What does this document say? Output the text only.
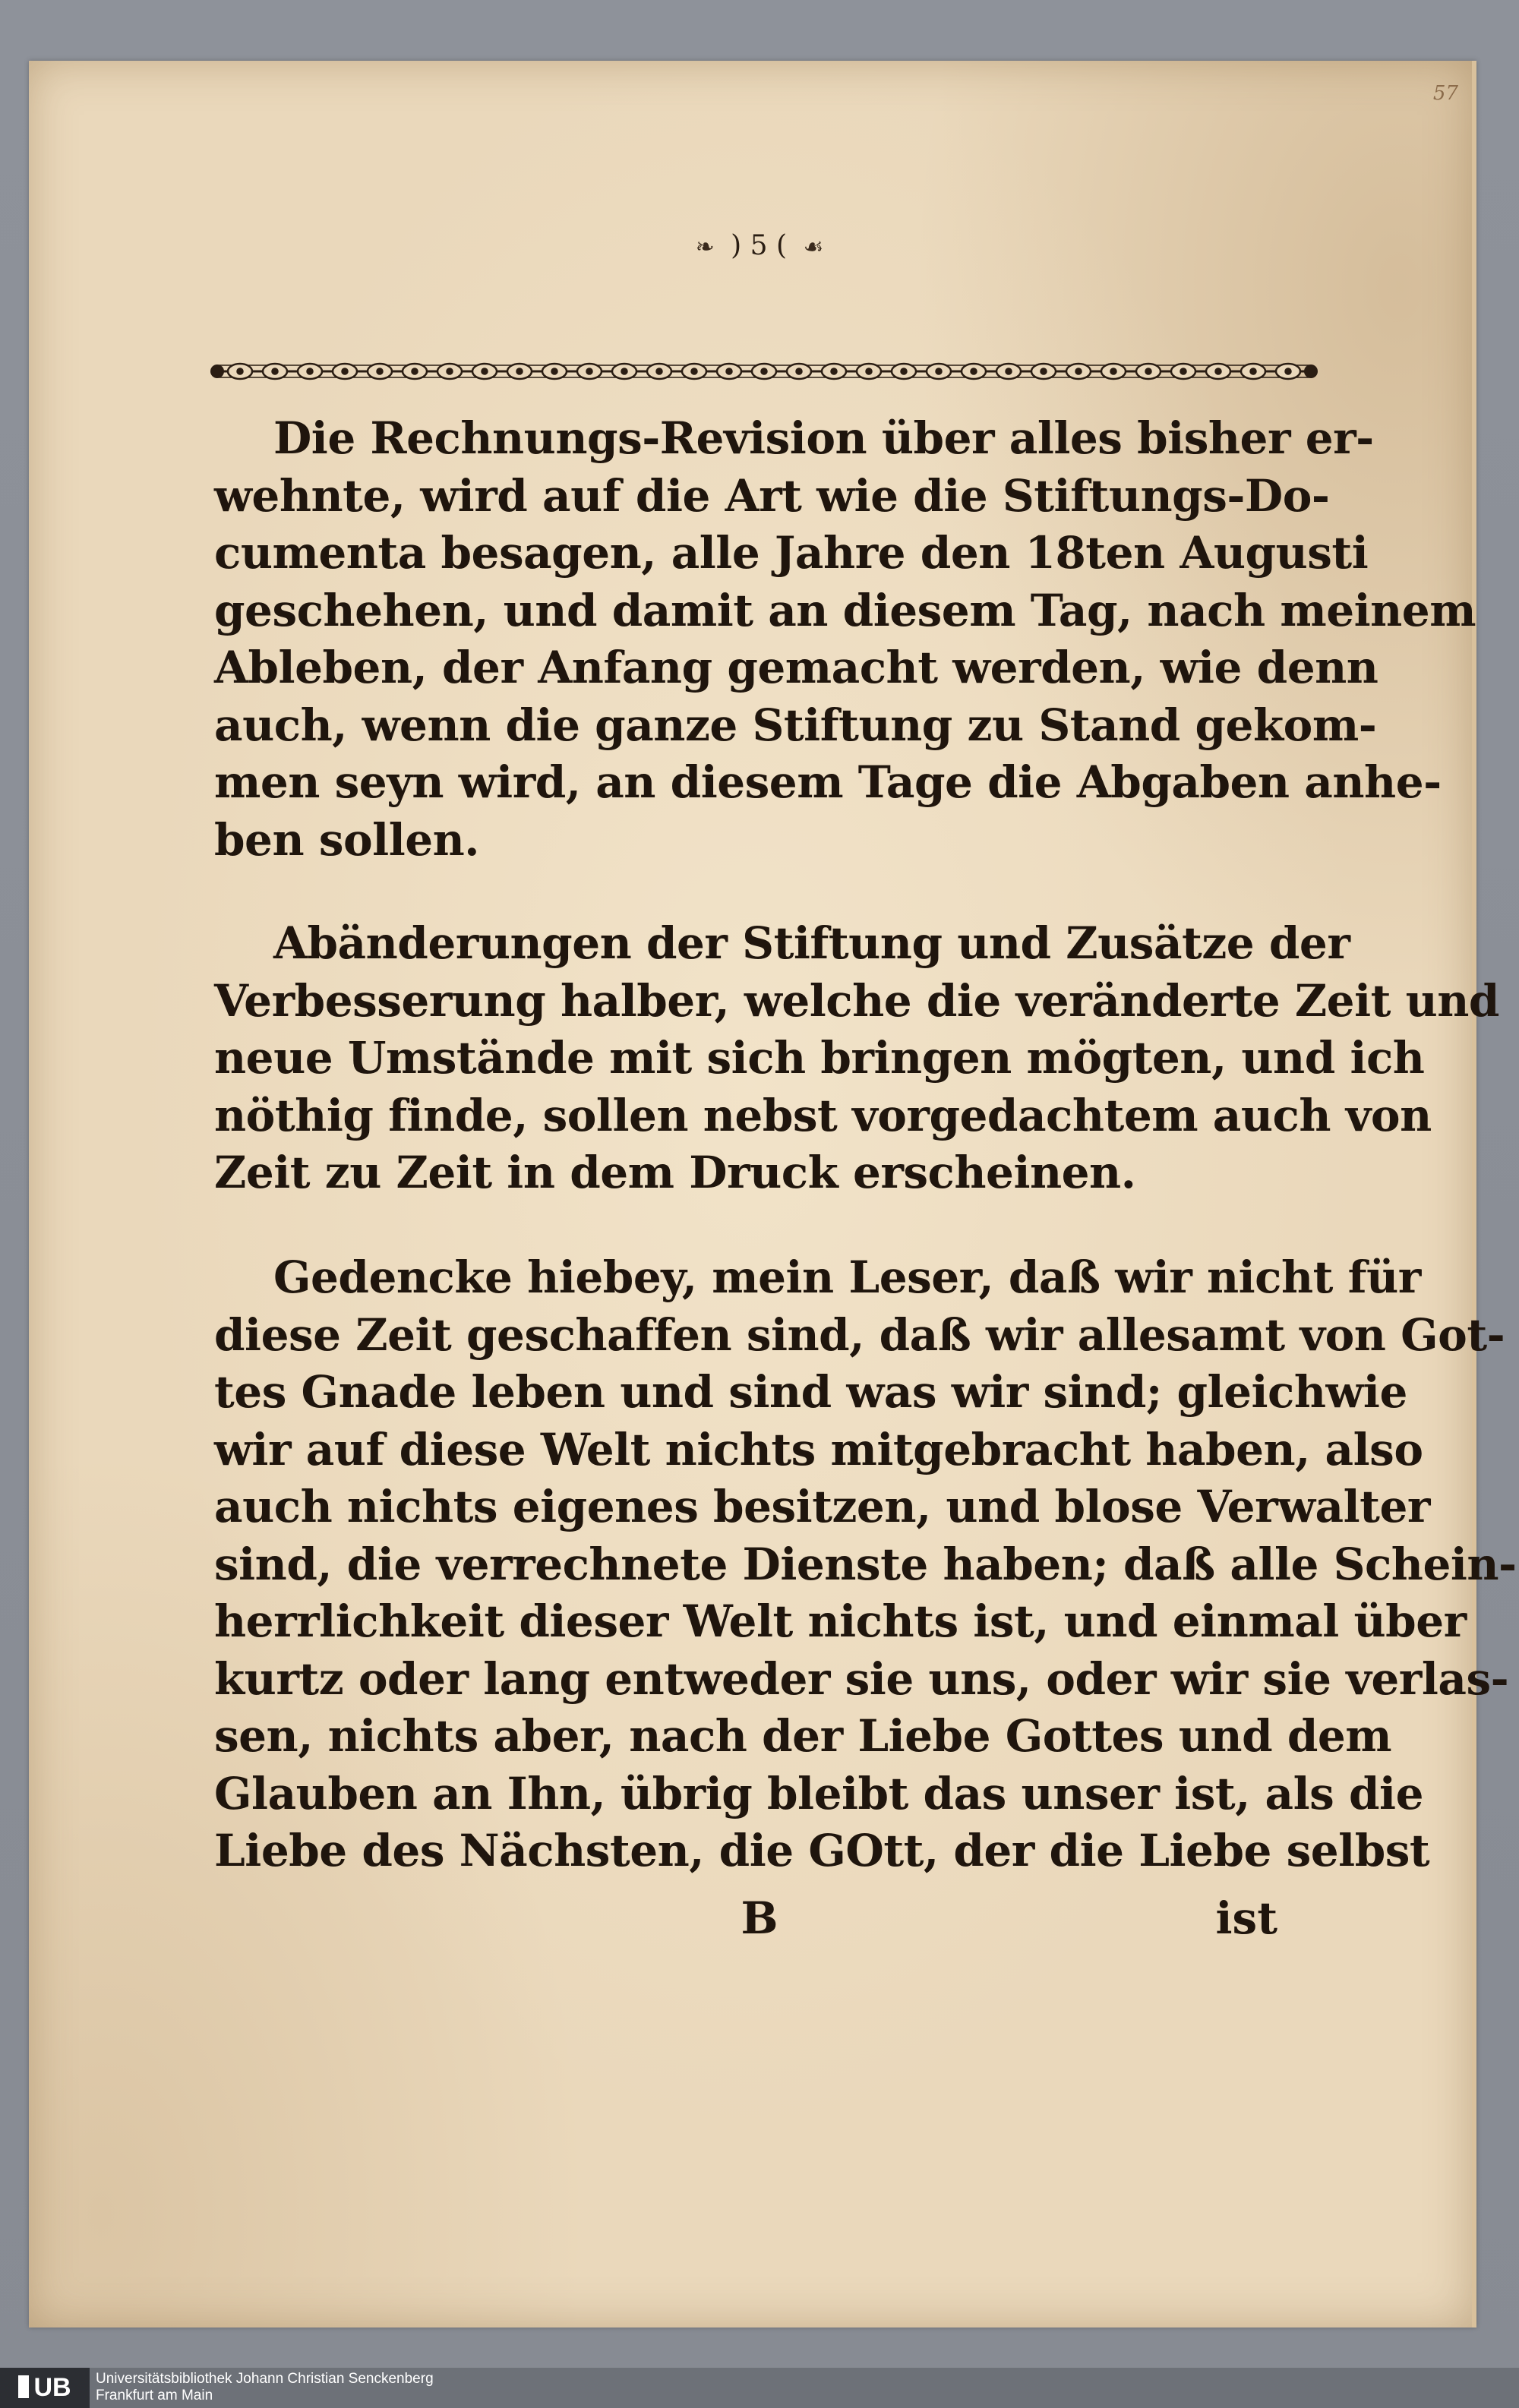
57
❧ ) 5 ( ☙
Die Rechnungs-Revision über alles bisher er-
wehnte, wird auf die Art wie die Stiftungs-Do-
cumenta besagen, alle Jahre den 18ten Augusti
geschehen, und damit an diesem Tag, nach meinem
Ableben, der Anfang gemacht werden, wie denn
auch, wenn die ganze Stiftung zu Stand gekom-
men seyn wird, an diesem Tage die Abgaben anhe-
ben sollen.
Abänderungen der Stiftung und Zusätze der
Verbesserung halber, welche die veränderte Zeit und
neue Umstände mit sich bringen mögten, und ich
nöthig finde, sollen nebst vorgedachtem auch von
Zeit zu Zeit in dem Druck erscheinen.
Gedencke hiebey, mein Leser, daß wir nicht für
diese Zeit geschaffen sind, daß wir allesamt von Got-
tes Gnade leben und sind was wir sind; gleichwie
wir auf diese Welt nichts mitgebracht haben, also
auch nichts eigenes besitzen, und blose Verwalter
sind, die verrechnete Dienste haben; daß alle Schein-
herrlichkeit dieser Welt nichts ist, und einmal über
kurtz oder lang entweder sie uns, oder wir sie verlas-
sen, nichts aber, nach der Liebe Gottes und dem
Glauben an Ihn, übrig bleibt das unser ist, als die
Liebe des Nächsten, die GOtt, der die Liebe selbst
B	ist
UB	Universitätsbibliothek Johann Christian Senckenberg
Frankfurt am Main
